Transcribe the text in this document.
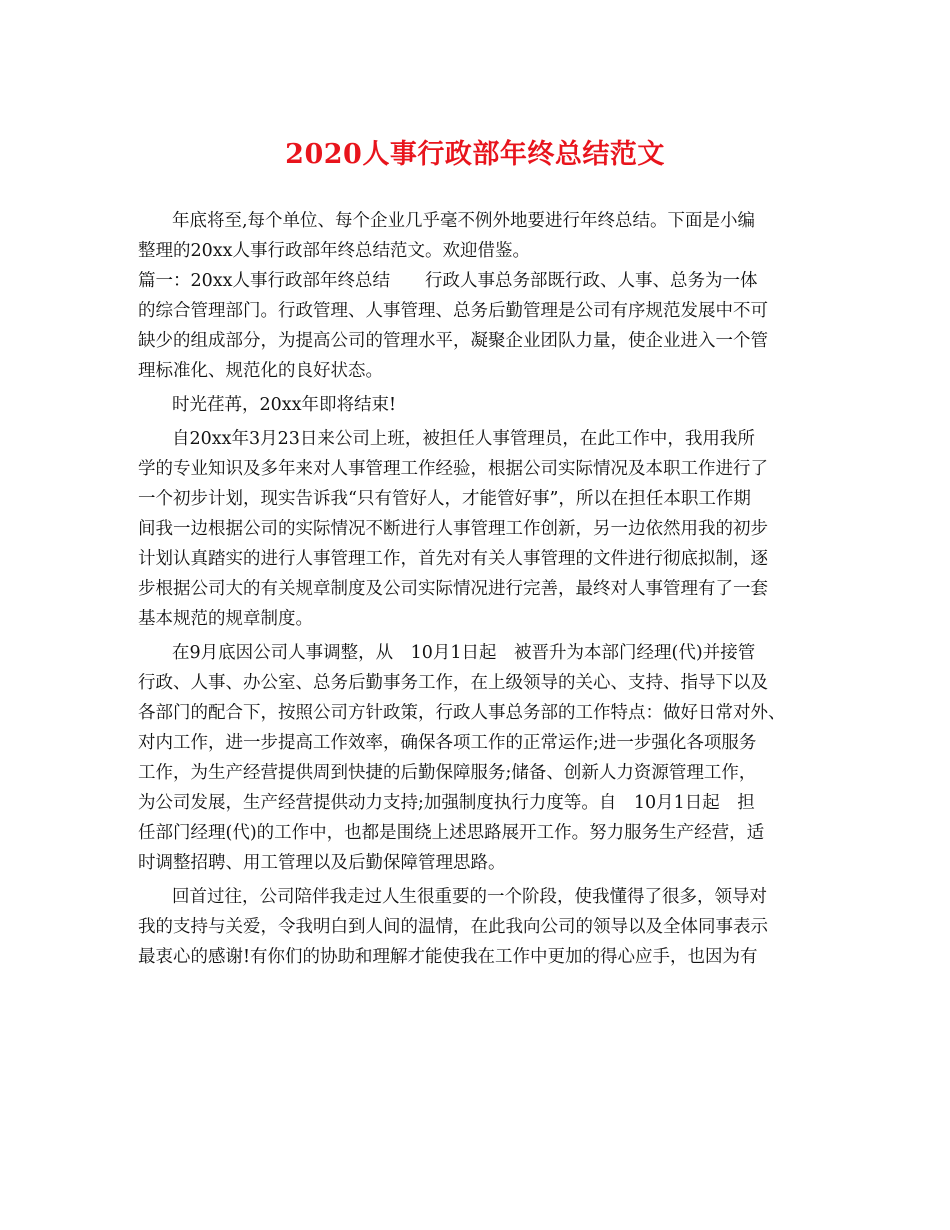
2020人事行政部年终总结范文
年底将至,每个单位、每个企业几乎毫不例外地要进行年终总结。下面是小编
整理的20xx人事行政部年终总结范文。欢迎借鉴。
篇一：20xx人事行政部年终总结　　行政人事总务部既行政、人事、总务为一体
的综合管理部门。行政管理、人事管理、总务后勤管理是公司有序规范发展中不可
缺少的组成部分，为提高公司的管理水平，凝聚企业团队力量，使企业进入一个管
理标准化、规范化的良好状态。
时光荏苒，20xx年即将结束!
自20xx年3月23日来公司上班，被担任人事管理员，在此工作中，我用我所
学的专业知识及多年来对人事管理工作经验，根据公司实际情况及本职工作进行了
一个初步计划，现实告诉我“只有管好人，才能管好事”，所以在担任本职工作期
间我一边根据公司的实际情况不断进行人事管理工作创新，另一边依然用我的初步
计划认真踏实的进行人事管理工作，首先对有关人事管理的文件进行彻底拟制，逐
步根据公司大的有关规章制度及公司实际情况进行完善，最终对人事管理有了一套
基本规范的规章制度。
在9月底因公司人事调整，从　10月1日起　被晋升为本部门经理(代)并接管
行政、人事、办公室、总务后勤事务工作，在上级领导的关心、支持、指导下以及
各部门的配合下，按照公司方针政策，行政人事总务部的工作特点：做好日常对外、
对内工作，进一步提高工作效率，确保各项工作的正常运作;进一步强化各项服务
工作，为生产经营提供周到快捷的后勤保障服务;储备、创新人力资源管理工作，
为公司发展，生产经营提供动力支持;加强制度执行力度等。自　10月1日起　担
任部门经理(代)的工作中，也都是围绕上述思路展开工作。努力服务生产经营，适
时调整招聘、用工管理以及后勤保障管理思路。
回首过往，公司陪伴我走过人生很重要的一个阶段，使我懂得了很多，领导对
我的支持与关爱，令我明白到人间的温情，在此我向公司的领导以及全体同事表示
最衷心的感谢!有你们的协助和理解才能使我在工作中更加的得心应手，也因为有
